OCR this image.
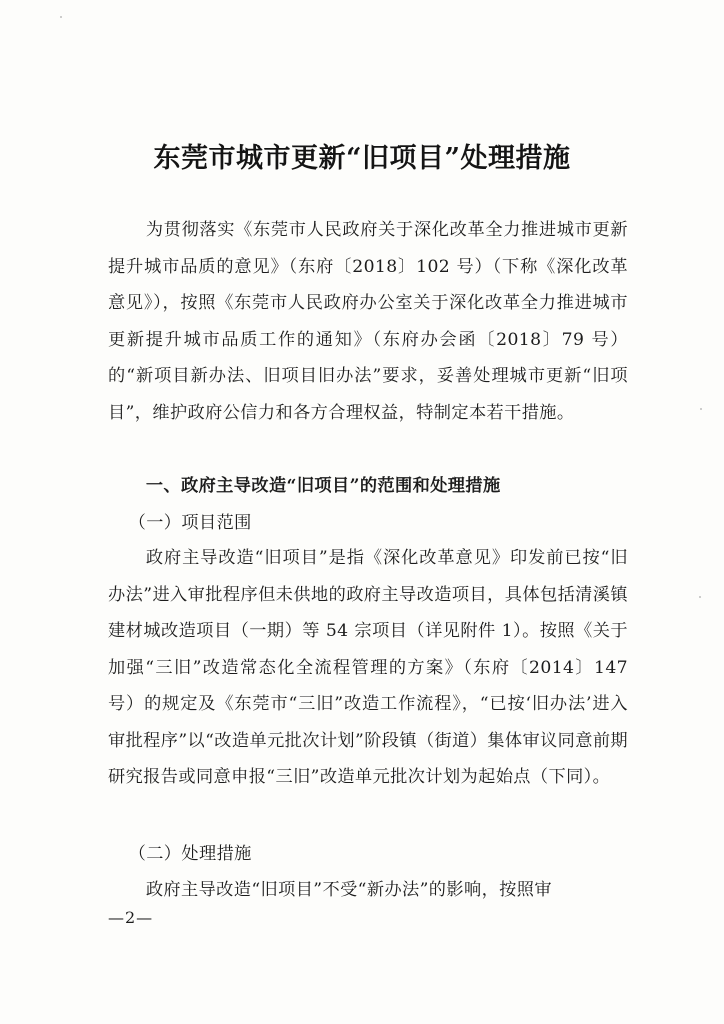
东莞市城市更新“旧项目”处理措施

为贯彻落实《东莞市人民政府关于深化改革全力推进城市更新提升城市品质的意见》（东府〔2018〕102 号）（下称《深化改革意见》），按照《东莞市人民政府办公室关于深化改革全力推进城市更新提升城市品质工作的通知》（东府办会函〔2018〕79 号）的“新项目新办法、旧项目旧办法”要求，妥善处理城市更新“旧项目”，维护政府公信力和各方合理权益，特制定本若干措施。

一、政府主导改造“旧项目”的范围和处理措施

（一）项目范围

政府主导改造“旧项目”是指《深化改革意见》印发前已按“旧办法”进入审批程序但未供地的政府主导改造项目，具体包括清溪镇建材城改造项目（一期）等 54 宗项目（详见附件 1）。按照《关于加强“三旧”改造常态化全流程管理的方案》（东府〔2014〕147 号）的规定及《东莞市“三旧”改造工作流程》，“已按‘旧办法’进入审批程序”以“改造单元批次计划”阶段镇（街道）集体审议同意前期研究报告或同意申报“三旧”改造单元批次计划为起始点（下同）。

（二）处理措施

政府主导改造“旧项目”不受“新办法”的影响，按照审

—2—
